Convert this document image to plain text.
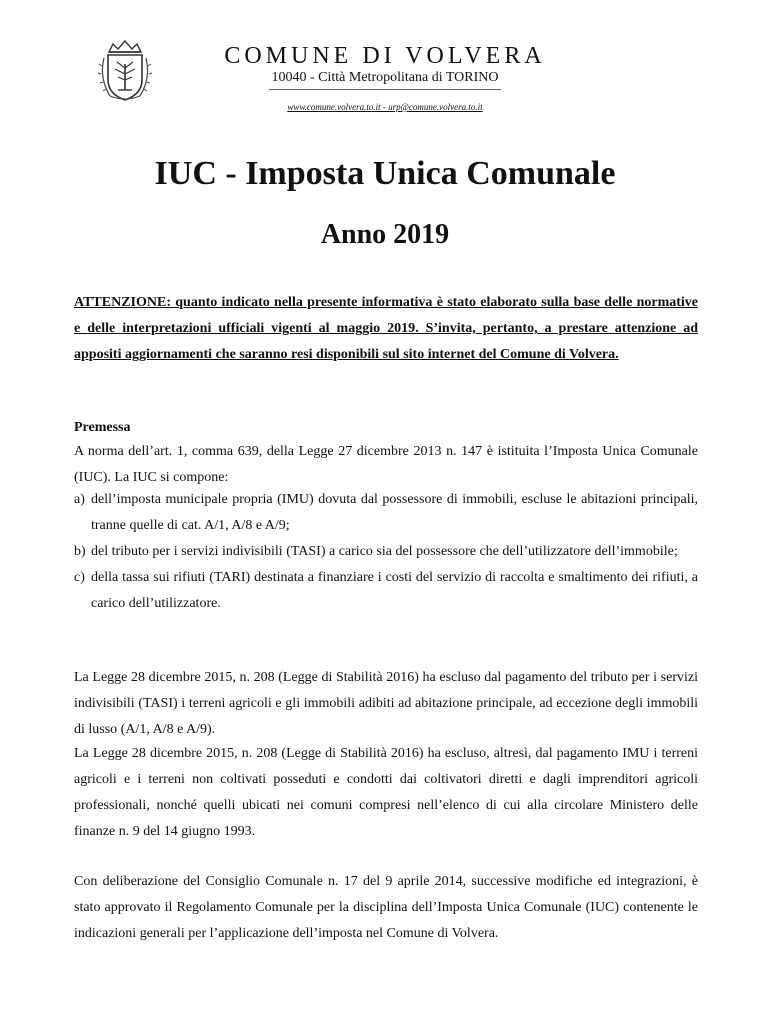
COMUNE DI VOLVERA

10040 - Città Metropolitana di TORINO

www.comune.volvera.to.it - urp@comune.volvera.to.it

IUC - Imposta Unica Comunale
Anno 2019

ATTENZIONE: quanto indicato nella presente informativa è stato elaborato sulla base delle normative e delle interpretazioni ufficiali vigenti al maggio 2019. S’invita, pertanto, a prestare attenzione ad appositi aggiornamenti che saranno resi disponibili sul sito internet del Comune di Volvera.

Premessa

A norma dell’art. 1, comma 639, della Legge 27 dicembre 2013 n. 147 è istituita l’Imposta Unica Comunale (IUC). La IUC si compone:

a) dell’imposta municipale propria (IMU) dovuta dal possessore di immobili, escluse le abitazioni principali, tranne quelle di cat. A/1, A/8 e A/9;
b) del tributo per i servizi indivisibili (TASI) a carico sia del possessore che dell’utilizzatore dell’immobile;
c) della tassa sui rifiuti (TARI) destinata a finanziare i costi del servizio di raccolta e smaltimento dei rifiuti, a carico dell’utilizzatore.

La Legge 28 dicembre 2015, n. 208 (Legge di Stabilità 2016) ha escluso dal pagamento del tributo per i servizi indivisibili (TASI) i terreni agricoli e gli immobili adibiti ad abitazione principale, ad eccezione degli immobili di lusso (A/1, A/8 e A/9).

La Legge 28 dicembre 2015, n. 208 (Legge di Stabilità 2016) ha escluso, altresì, dal pagamento IMU i terreni agricoli e i terreni non coltivati posseduti e condotti dai coltivatori diretti e dagli imprenditori agricoli professionali, nonché quelli ubicati nei comuni compresi nell’elenco di cui alla circolare Ministero delle finanze n. 9 del 14 giugno 1993.

Con deliberazione del Consiglio Comunale n. 17 del 9 aprile 2014, successive modifiche ed integrazioni, è stato approvato il Regolamento Comunale per la disciplina dell’Imposta Unica Comunale (IUC) contenente le indicazioni generali per l’applicazione dell’imposta nel Comune di Volvera.
